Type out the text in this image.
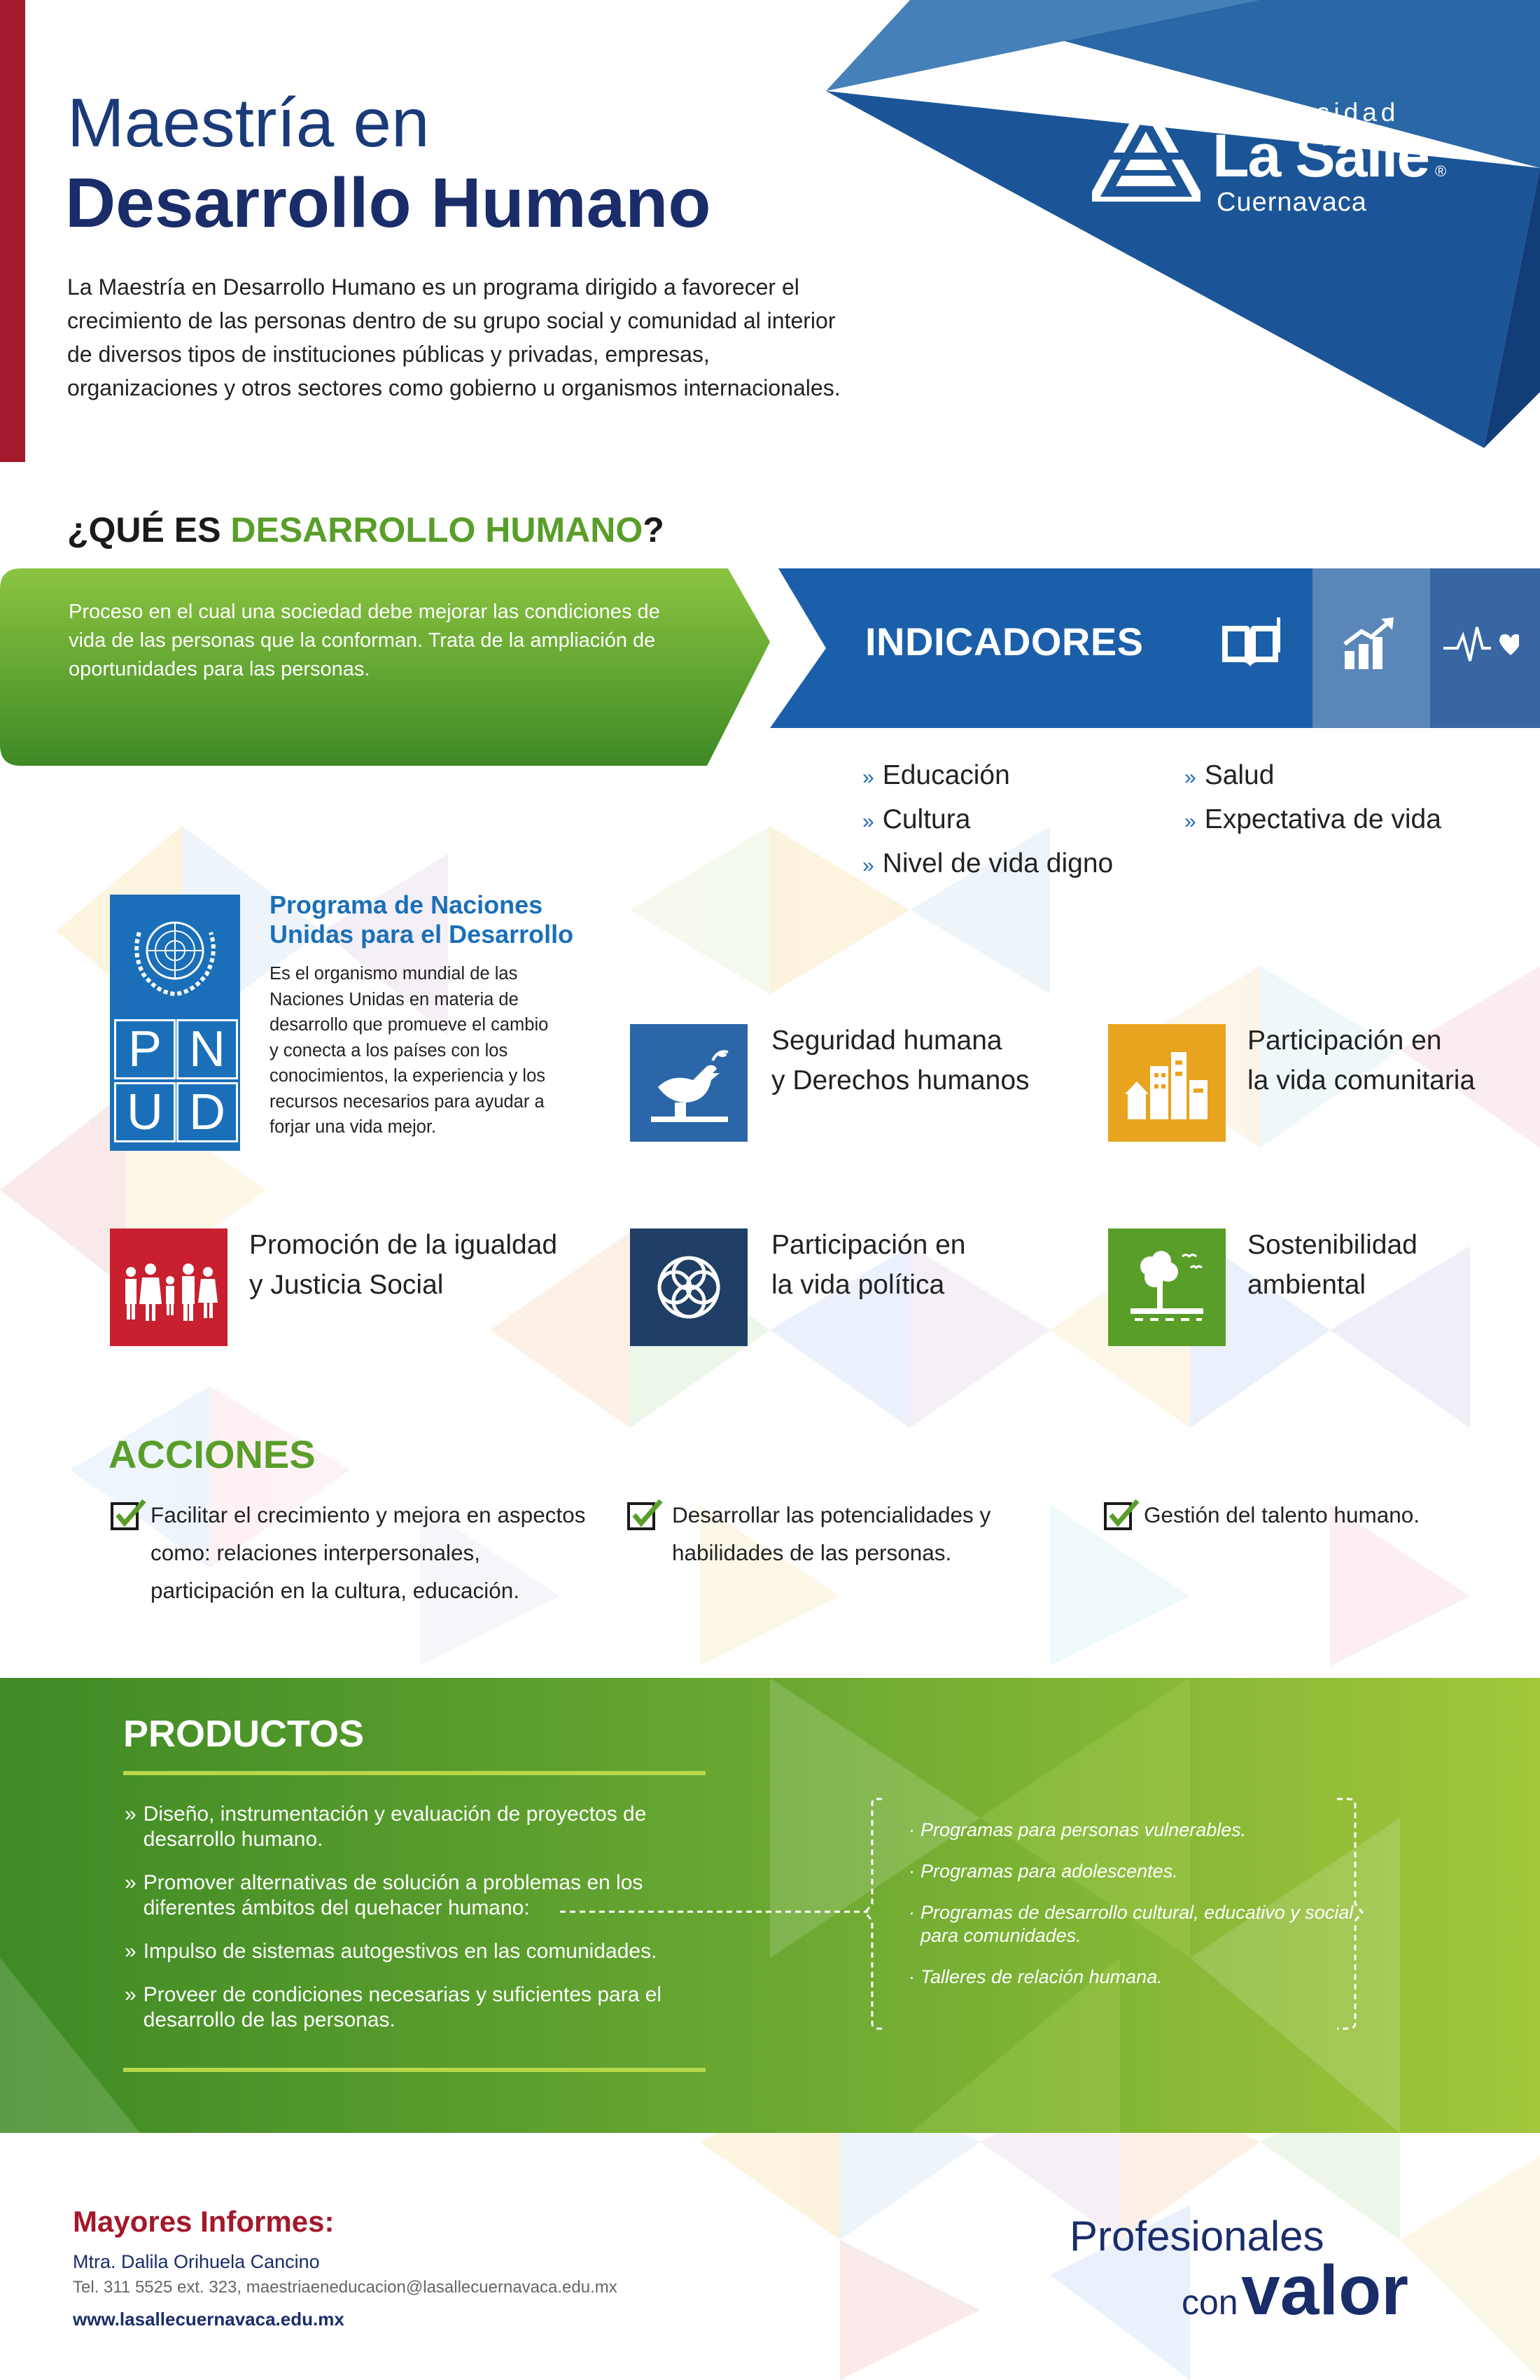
Universidad
La Salle ®
Cuernavaca
Maestría en
Desarrollo Humano
La Maestría en Desarrollo Humano es un programa dirigido a favorecer el crecimiento de las personas dentro de su grupo social y comunidad al interior de diversos tipos de instituciones públicas y privadas, empresas, organizaciones y otros sectores como gobierno u organismos internacionales.
¿QUÉ ES DESARROLLO HUMANO?
Proceso en el cual una sociedad debe mejorar las condiciones de vida de las personas que la conforman. Trata de la ampliación de oportunidades para las personas.
INDICADORES
» Educación
» Cultura
» Nivel de vida digno
» Salud
» Expectativa de vida
P N
U D
Programa de Naciones Unidas para el Desarrollo
Es el organismo mundial de las Naciones Unidas en materia de desarrollo que promueve el cambio y conecta a los países con los conocimientos, la experiencia y los recursos necesarios para ayudar a forjar una vida mejor.
Seguridad humana
y Derechos humanos
Participación en
la vida comunitaria
Promoción de la igualdad
y Justicia Social
Participación en
la vida política
Sostenibilidad
ambiental
ACCIONES
Facilitar el crecimiento y mejora en aspectos como: relaciones interpersonales, participación en la cultura, educación.
Desarrollar las potencialidades y habilidades de las personas.
Gestión del talento humano.
PRODUCTOS
» Diseño, instrumentación y evaluación de proyectos de desarrollo humano.
» Promover alternativas de solución a problemas en los diferentes ámbitos del quehacer humano:
» Impulso de sistemas autogestivos en las comunidades.
» Proveer de condiciones necesarias y suficientes para el desarrollo de las personas.
· Programas para personas vulnerables.
· Programas para adolescentes.
· Programas de desarrollo cultural, educativo y social para comunidades.
· Talleres de relación humana.
Mayores Informes:
Mtra. Dalila Orihuela Cancino
Tel. 311 5525 ext. 323, maestriaeneducacion@lasallecuernavaca.edu.mx
www.lasallecuernavaca.edu.mx
Profesionales
con valor
